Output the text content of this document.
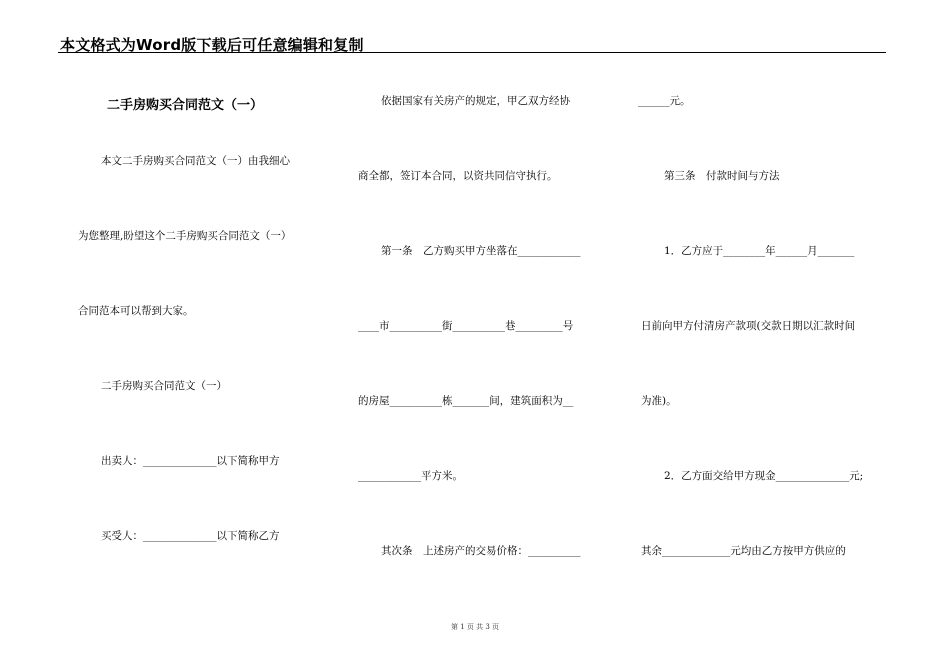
本文格式为Word版下载后可任意编辑和复制
二手房购买合同范文（一）
本文二手房购买合同范文（一）由我细心
为您整理,盼望这个二手房购买合同范文（一）
合同范本可以帮到大家。
二手房购买合同范文（一）
出卖人：______________以下简称甲方
买受人：______________以下简称乙方
依据国家有关房产的规定，甲乙双方经协
商全都，签订本合同，以资共同信守执行。
第一条　乙方购买甲方坐落在____________
____市__________街__________巷_________号
的房屋__________栋_______间，建筑面积为__
____________平方米。
其次条　上述房产的交易价格：__________
______元。
第三条　付款时间与方法
1．乙方应于________年______月_______
日前向甲方付清房产款项(交款日期以汇款时间
为准)。
2．乙方面交给甲方现金______________元;
其余_____________元均由乙方按甲方供应的
第 1 页 共 3 页
